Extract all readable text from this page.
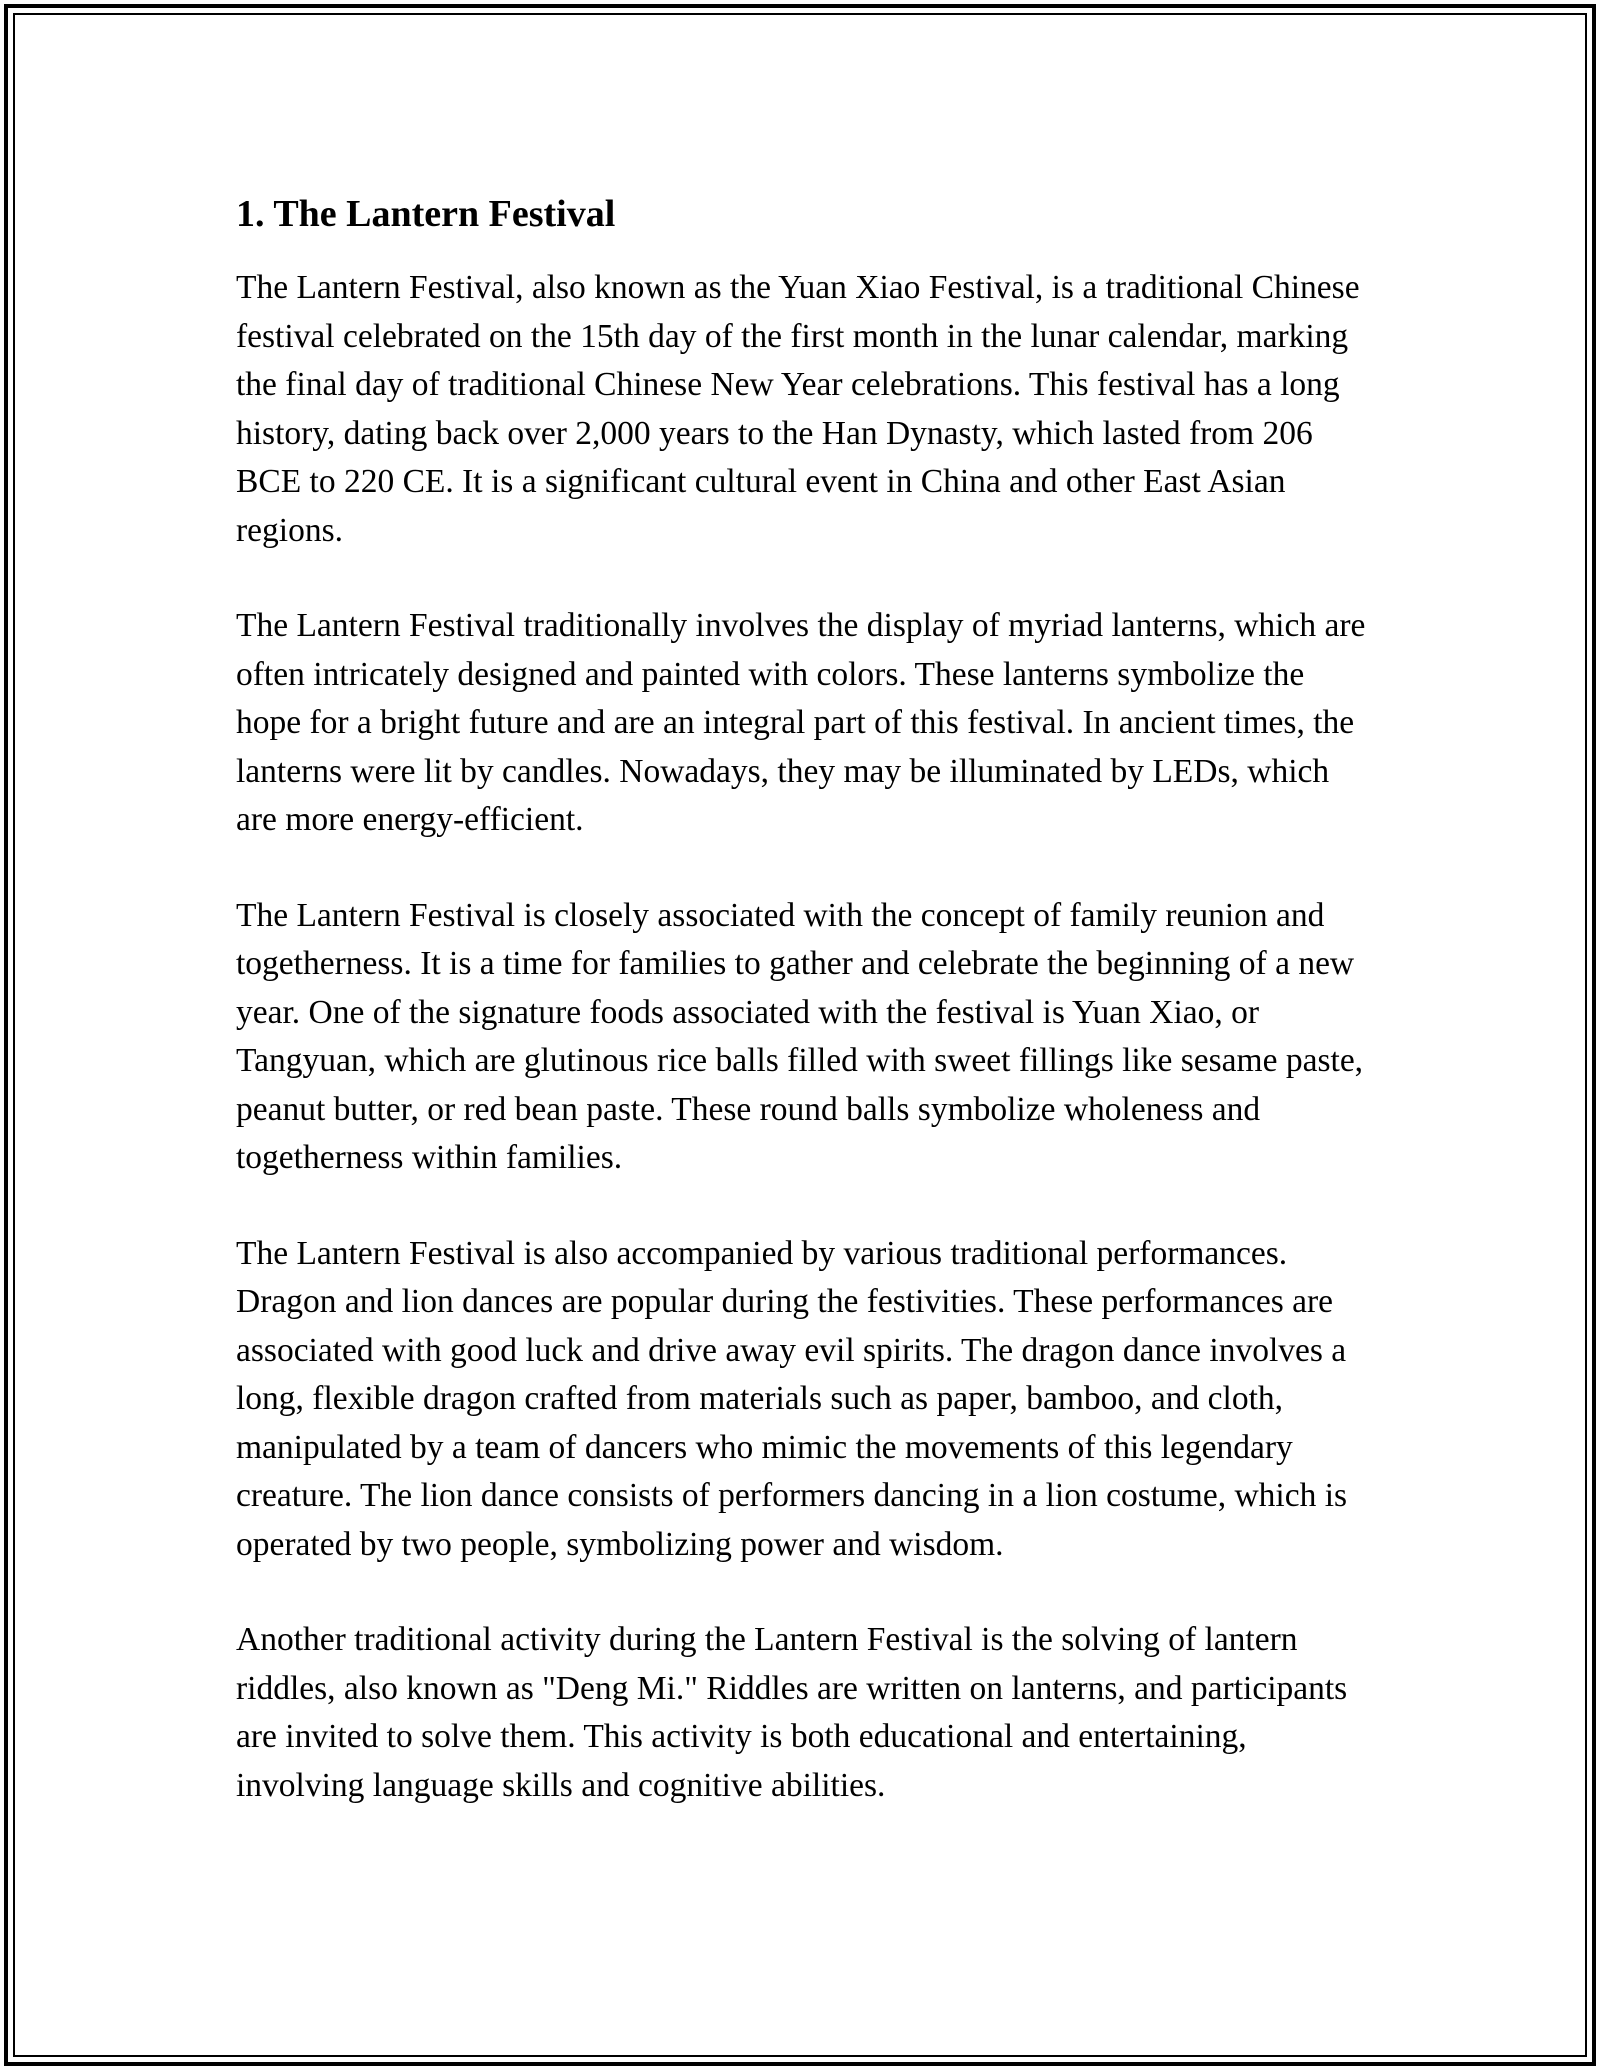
1. The Lantern Festival

The Lantern Festival, also known as the Yuan Xiao Festival, is a traditional Chinese festival celebrated on the 15th day of the first month in the lunar calendar, marking the final day of traditional Chinese New Year celebrations. This festival has a long history, dating back over 2,000 years to the Han Dynasty, which lasted from 206 BCE to 220 CE. It is a significant cultural event in China and other East Asian regions.

The Lantern Festival traditionally involves the display of myriad lanterns, which are often intricately designed and painted with colors. These lanterns symbolize the hope for a bright future and are an integral part of this festival. In ancient times, the lanterns were lit by candles. Nowadays, they may be illuminated by LEDs, which are more energy-efficient.

The Lantern Festival is closely associated with the concept of family reunion and togetherness. It is a time for families to gather and celebrate the beginning of a new year. One of the signature foods associated with the festival is Yuan Xiao, or Tangyuan, which are glutinous rice balls filled with sweet fillings like sesame paste, peanut butter, or red bean paste. These round balls symbolize wholeness and togetherness within families.

The Lantern Festival is also accompanied by various traditional performances. Dragon and lion dances are popular during the festivities. These performances are associated with good luck and drive away evil spirits. The dragon dance involves a long, flexible dragon crafted from materials such as paper, bamboo, and cloth, manipulated by a team of dancers who mimic the movements of this legendary creature. The lion dance consists of performers dancing in a lion costume, which is operated by two people, symbolizing power and wisdom.

Another traditional activity during the Lantern Festival is the solving of lantern riddles, also known as "Deng Mi." Riddles are written on lanterns, and participants are invited to solve them. This activity is both educational and entertaining, involving language skills and cognitive abilities.
